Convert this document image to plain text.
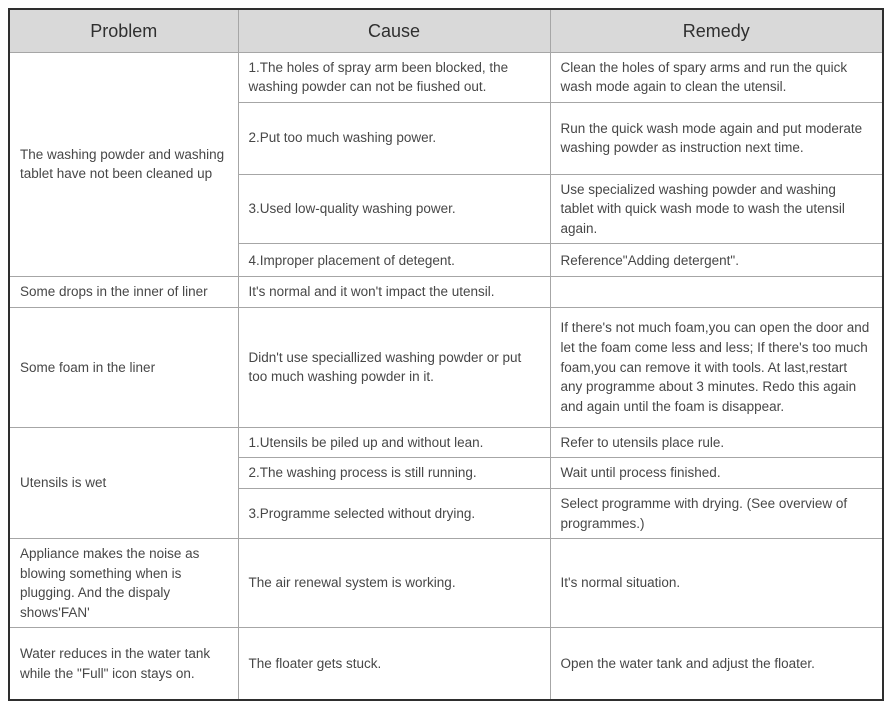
Problem	Cause	Remedy
The washing powder and washing tablet have not been cleaned up	1.The holes of spray arm been blocked, the washing powder can not be fiushed out.	Clean the holes of spary arms and run the quick wash mode again to clean the utensil.
	2.Put too much washing power.	Run the quick wash mode again and put moderate washing powder as instruction next time.
	3.Used low-quality washing power.	Use specialized washing powder and washing tablet with quick wash mode to wash the utensil again.
	4.Improper placement of detegent.	Reference"Adding detergent".
Some drops in the inner of liner	It's normal and it won't impact the utensil.	
Some foam in the liner	Didn't use speciallized washing powder or put too much washing powder in it.	If there's not much foam,you can open the door and let the foam come less and less; If there's too much foam,you can remove it with tools. At last,restart any programme about 3 minutes. Redo this again and again until the foam is disappear.
Utensils is wet	1.Utensils be piled up and without lean.	Refer to utensils place rule.
	2.The washing process is still running.	Wait until process finished.
	3.Programme selected without drying.	Select programme with drying. (See overview of programmes.)
Appliance makes the noise as blowing something when is plugging. And the dispaly shows'FAN'	The air renewal system is working.	It's normal situation.
Water reduces in the water tank while the "Full" icon stays on.	The floater gets stuck.	Open the water tank and adjust the floater.
